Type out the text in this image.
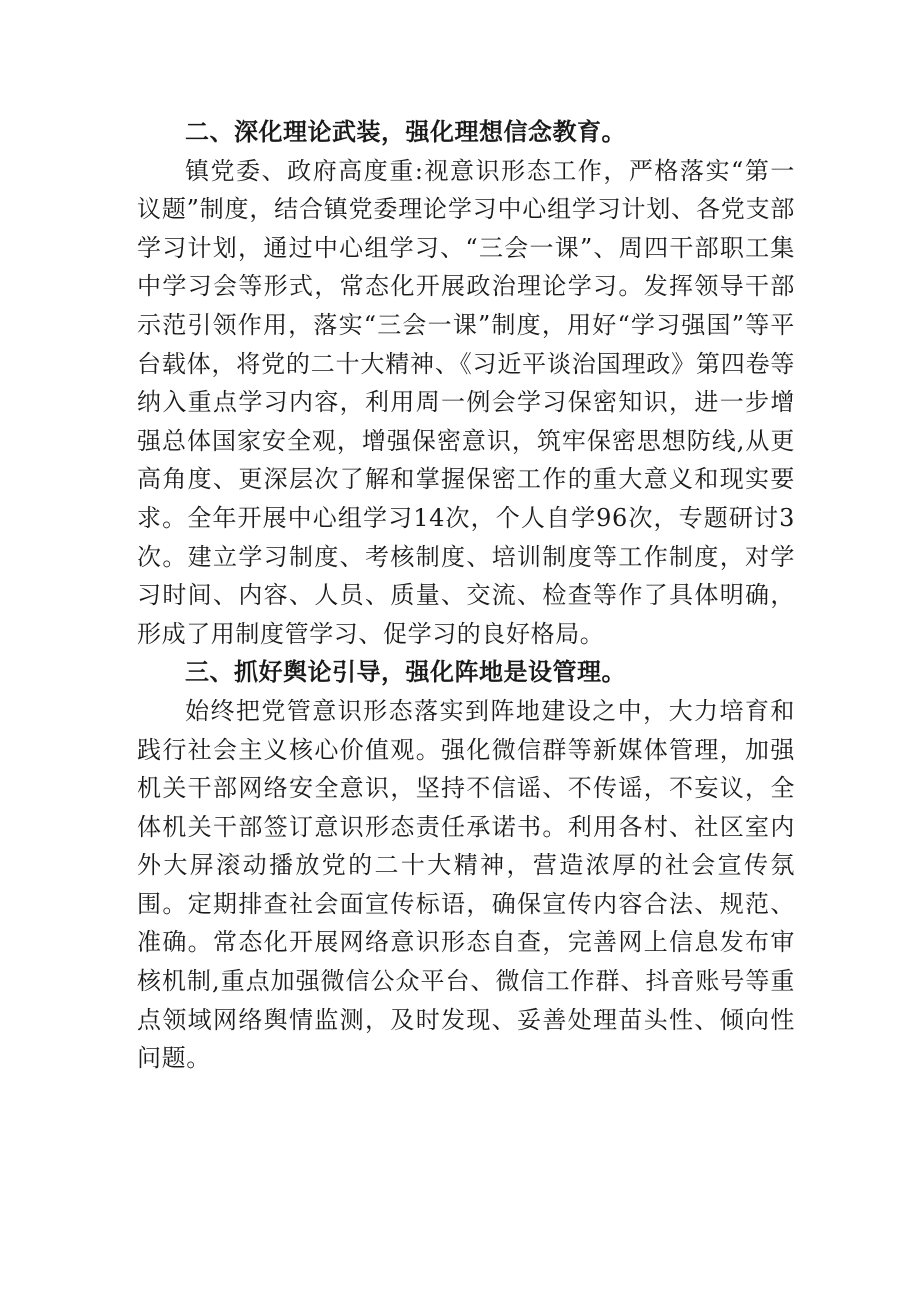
二、深化理论武装，强化理想信念教育。

镇党委、政府高度重:视意识形态工作，严格落实“第一议题”制度，结合镇党委理论学习中心组学习计划、各党支部学习计划，通过中心组学习、“三会一课”、周四干部职工集中学习会等形式，常态化开展政治理论学习。发挥领导干部示范引领作用，落实“三会一课”制度，用好“学习强国”等平台载体，将党的二十大精神、《习近平谈治国理政》第四卷等纳入重点学习内容，利用周一例会学习保密知识，进一步增强总体国家安全观，增强保密意识，筑牢保密思想防线,从更高角度、更深层次了解和掌握保密工作的重大意义和现实要求。全年开展中心组学习14次，个人自学96次，专题研讨3次。建立学习制度、考核制度、培训制度等工作制度，对学习时间、内容、人员、质量、交流、检查等作了具体明确，形成了用制度管学习、促学习的良好格局。

三、抓好舆论引导，强化阵地是设管理。

始终把党管意识形态落实到阵地建设之中，大力培育和践行社会主义核心价值观。强化微信群等新媒体管理，加强机关干部网络安全意识，坚持不信谣、不传谣，不妄议，全体机关干部签订意识形态责任承诺书。利用各村、社区室内外大屏滚动播放党的二十大精神，营造浓厚的社会宣传氛围。定期排查社会面宣传标语，确保宣传内容合法、规范、准确。常态化开展网络意识形态自查，完善网上信息发布审核机制,重点加强微信公众平台、微信工作群、抖音账号等重点领域网络舆情监测，及时发现、妥善处理苗头性、倾向性问题。
